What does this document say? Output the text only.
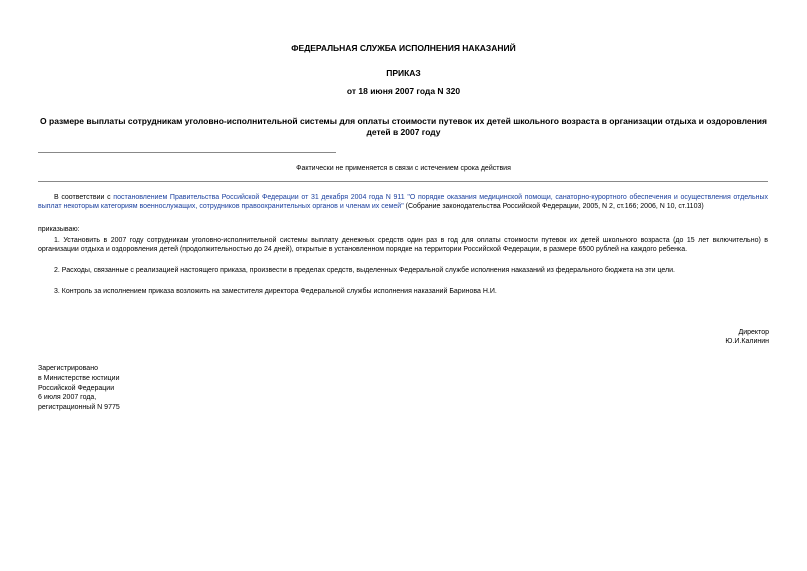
ФЕДЕРАЛЬНАЯ СЛУЖБА ИСПОЛНЕНИЯ НАКАЗАНИЙ
ПРИКАЗ
от 18 июня 2007 года N 320
О размере выплаты сотрудникам уголовно-исполнительной системы для оплаты стоимости путевок их детей школьного возраста в организации отдыха и оздоровления детей в 2007 году
Фактически не применяется в связи с истечением срока действия
В соответствии с постановлением Правительства Российской Федерации от 31 декабря 2004 года N 911 "О порядке оказания медицинской помощи, санаторно-курортного обеспечения и осуществления отдельных выплат некоторым категориям военнослужащих, сотрудников правоохранительных органов и членам их семей" (Собрание законодательства Российской Федерации, 2005, N 2, ст.166; 2006, N 10, ст.1103)
приказываю:
1. Установить в 2007 году сотрудникам уголовно-исполнительной системы выплату денежных средств один раз в год для оплаты стоимости путевок их детей школьного возраста (до 15 лет включительно) в организации отдыха и оздоровления детей (продолжительностью до 24 дней), открытые в установленном порядке на территории Российской Федерации, в размере 6500 рублей на каждого ребенка.
2. Расходы, связанные с реализацией настоящего приказа, произвести в пределах средств, выделенных Федеральной службе исполнения наказаний из федерального бюджета на эти цели.
3. Контроль за исполнением приказа возложить на заместителя директора Федеральной службы исполнения наказаний Баринова Н.И.
Директор
Ю.И.Калинин
Зарегистрировано
в Министерстве юстиции
Российской Федерации
6 июля 2007 года,
регистрационный N 9775
